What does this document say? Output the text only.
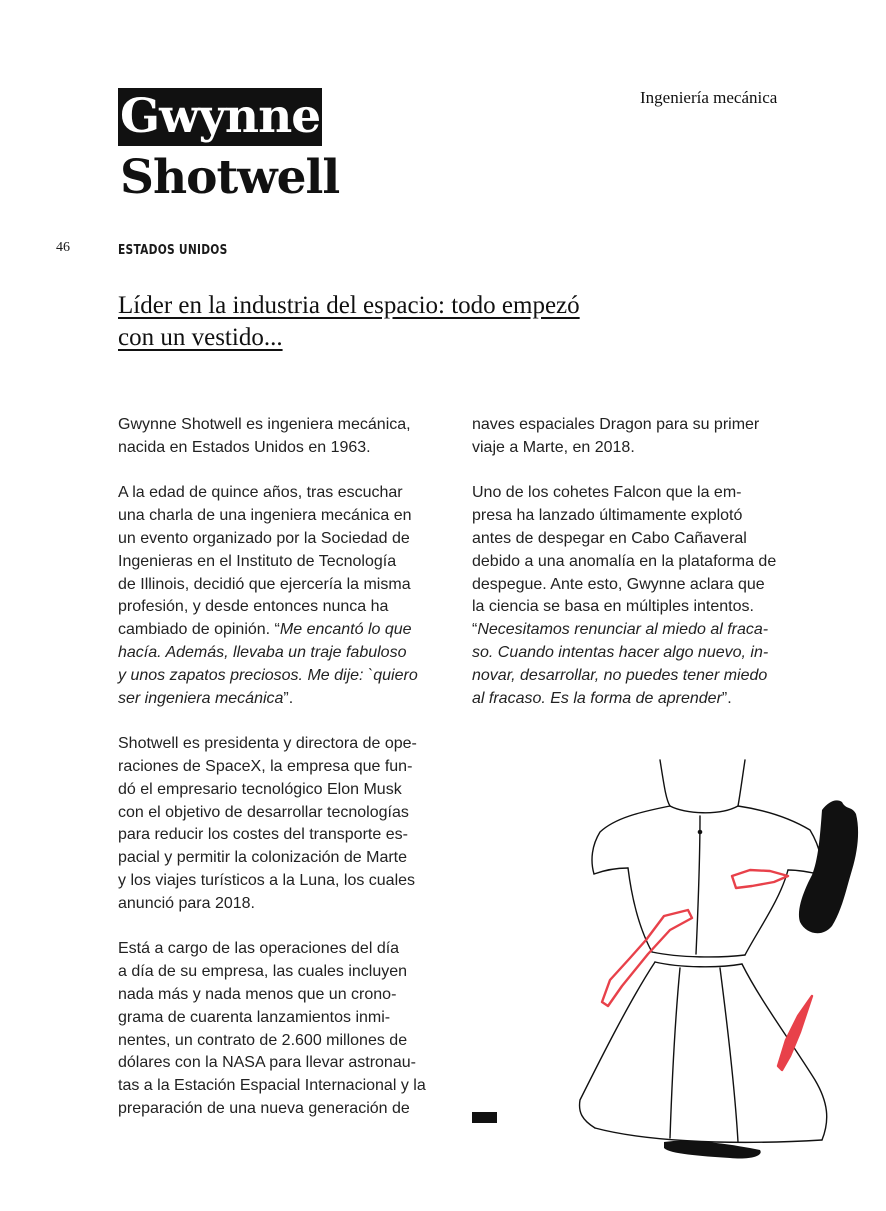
Ingeniería mecánica
Gwynne
Shotwell
46	ESTADOS UNIDOS
Líder en la industria del espacio: todo empezó
con un vestido...

Gwynne Shotwell es ingeniera mecánica,
nacida en Estados Unidos en 1963.

A la edad de quince años, tras escuchar
una charla de una ingeniera mecánica en
un evento organizado por la Sociedad de
Ingenieras en el Instituto de Tecnología
de Illinois, decidió que ejercería la misma
profesión, y desde entonces nunca ha
cambiado de opinión. “Me encantó lo que
hacía. Además, llevaba un traje fabuloso
y unos zapatos preciosos. Me dije: `quiero
ser ingeniera mecánica”.

Shotwell es presidenta y directora de ope-
raciones de SpaceX, la empresa que fun-
dó el empresario tecnológico Elon Musk
con el objetivo de desarrollar tecnologías
para reducir los costes del transporte es-
pacial y permitir la colonización de Marte
y los viajes turísticos a la Luna, los cuales
anunció para 2018.

Está a cargo de las operaciones del día
a día de su empresa, las cuales incluyen
nada más y nada menos que un crono-
grama de cuarenta lanzamientos inmi-
nentes, un contrato de 2.600 millones de
dólares con la NASA para llevar astronau-
tas a la Estación Espacial Internacional y la
preparación de una nueva generación de

naves espaciales Dragon para su primer
viaje a Marte, en 2018.

Uno de los cohetes Falcon que la em-
presa ha lanzado últimamente explotó
antes de despegar en Cabo Cañaveral
debido a una anomalía en la plataforma de
despegue. Ante esto, Gwynne aclara que
la ciencia se basa en múltiples intentos.
“Necesitamos renunciar al miedo al fraca-
so. Cuando intentas hacer algo nuevo, in-
novar, desarrollar, no puedes tener miedo
al fracaso. Es la forma de aprender”.
